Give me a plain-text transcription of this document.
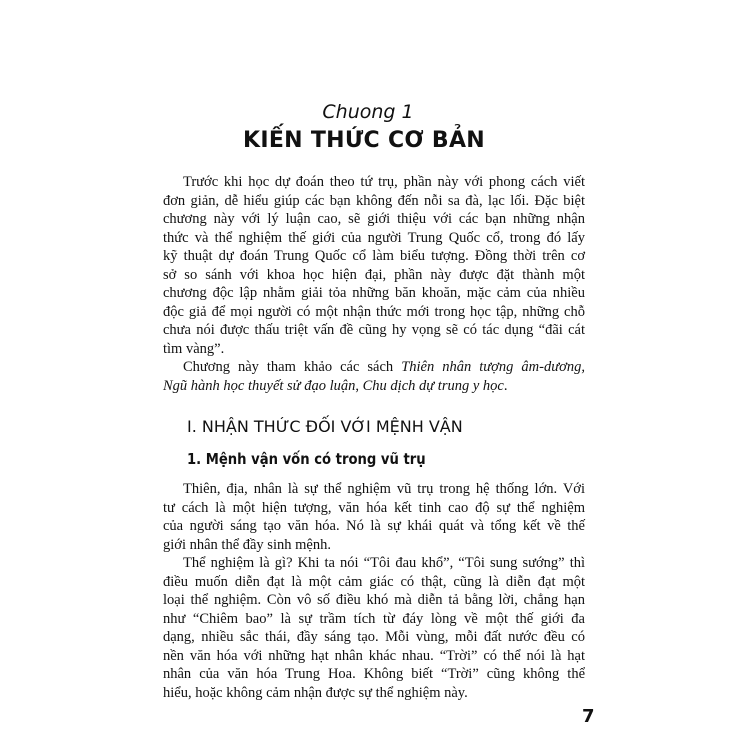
Chuong 1
KIẾN THỨC CƠ BẢN
Trước khi học dự đoán theo tứ trụ, phần này với phong cách viết
đơn giản, dễ hiểu giúp các bạn không đến nỗi sa đà, lạc lối. Đặc biệt
chương này với lý luận cao, sẽ giới thiệu với các bạn những nhận
thức và thể nghiệm thế giới của người Trung Quốc cổ, trong đó lấy
kỹ thuật dự đoán Trung Quốc cổ làm biểu tượng. Đồng thời trên cơ
sở so sánh với khoa học hiện đại, phần này được đặt thành một
chương độc lập nhằm giải tỏa những băn khoăn, mặc cảm của nhiều
độc giả để mọi người có một nhận thức mới trong học tập, những chỗ
chưa nói được thấu triệt vấn đề cũng hy vọng sẽ có tác dụng “đãi cát
tìm vàng”.
Chương này tham khảo các sách Thiên nhân tượng âm-dương,
Ngũ hành học thuyết sử đạo luận, Chu dịch dự trung y học.
I. NHẬN THỨC ĐỐI VỚI MỆNH VẬN
1. Mệnh vận vốn có trong vũ trụ
Thiên, địa, nhân là sự thể nghiệm vũ trụ trong hệ thống lớn. Với
tư cách là một hiện tượng, văn hóa kết tinh cao độ sự thể nghiệm
của người sáng tạo văn hóa. Nó là sự khái quát và tổng kết về thế
giới nhân thể đầy sinh mệnh.
Thể nghiệm là gì? Khi ta nói “Tôi đau khổ”, “Tôi sung sướng” thì
điều muốn diễn đạt là một cảm giác có thật, cũng là diễn đạt một
loại thể nghiệm. Còn vô số điều khó mà diễn tả bằng lời, chẳng hạn
như “Chiêm bao” là sự trầm tích từ đáy lòng về một thế giới đa
dạng, nhiều sắc thái, đầy sáng tạo. Mỗi vùng, mỗi đất nước đều có
nền văn hóa với những hạt nhân khác nhau. “Trời” có thể nói là hạt
nhân của văn hóa Trung Hoa. Không biết “Trời” cũng không thể
hiểu, hoặc không cảm nhận được sự thể nghiệm này.
7
